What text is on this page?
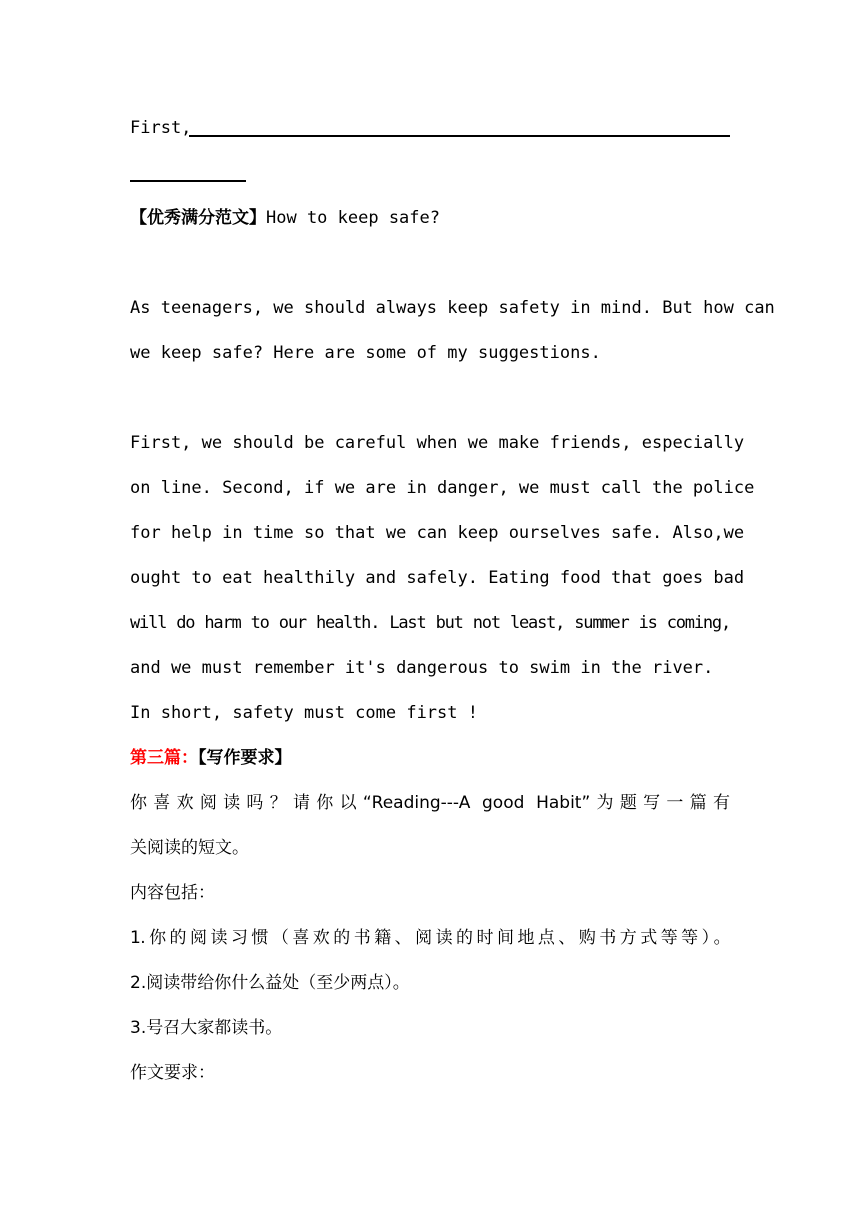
First,
【优秀满分范文】How to keep safe?
As teenagers, we should always keep safety in mind. But how can
we keep safe? Here are some of my suggestions.
First, we should be careful when we make friends, especially
on line. Second, if we are in danger, we must call the police
for help in time so that we can keep ourselves safe. Also,we
ought to eat healthily and safely. Eating food that goes bad
will do harm to our health. Last but not least, summer is coming,
and we must remember it's dangerous to swim in the river.
In short, safety must come first !
第三篇：【写作要求】
你喜欢阅读吗？请你以“Reading---A good Habit”为题写一篇有
关阅读的短文。
内容包括：
1.你的阅读习惯（喜欢的书籍、阅读的时间地点、购书方式等等）。
2.阅读带给你什么益处（至少两点）。
3.号召大家都读书。
作文要求：
